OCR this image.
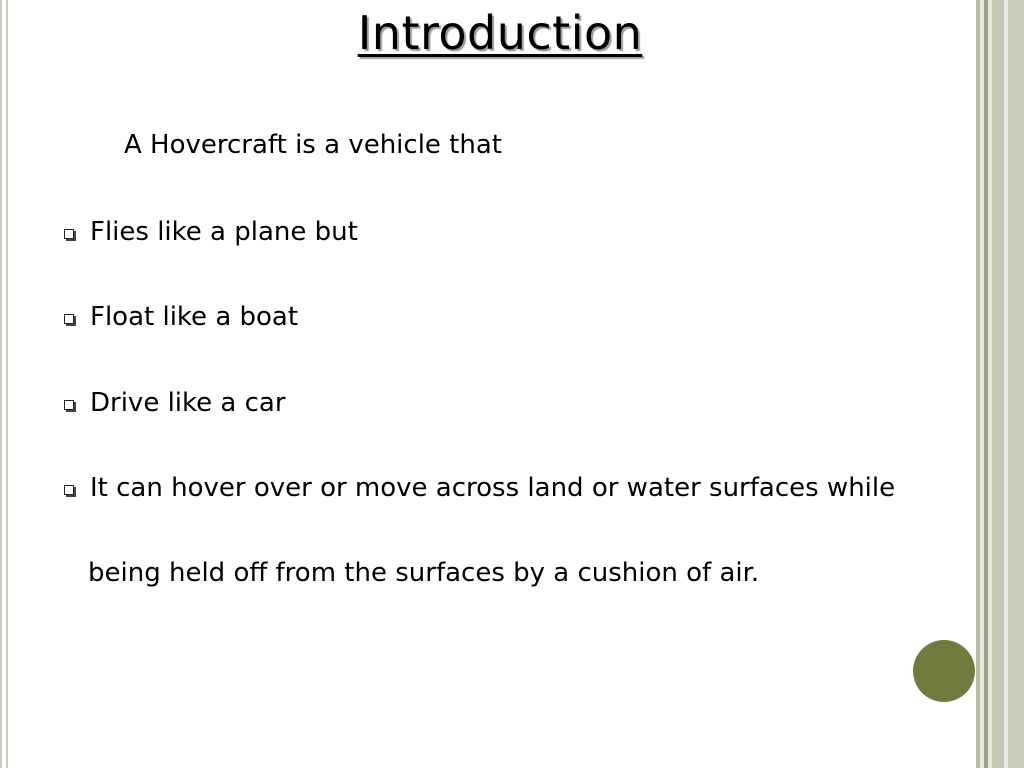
Introduction
A Hovercraft is a vehicle that
Flies like a plane but
Float like a boat
Drive like a car
It can hover over or move across land or water surfaces while
being held off from the surfaces by a cushion of air.
